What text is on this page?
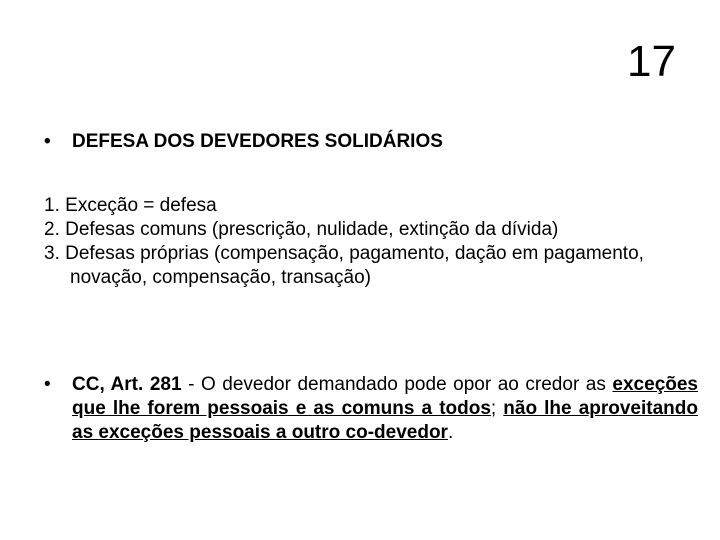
17
• DEFESA DOS DEVEDORES SOLIDÁRIOS
1. Exceção = defesa
2. Defesas comuns (prescrição, nulidade, extinção da dívida)
3. Defesas próprias (compensação, pagamento, dação em pagamento, novação, compensação, transação)
• CC, Art. 281 - O devedor demandado pode opor ao credor as exceções que lhe forem pessoais e as comuns a todos; não lhe aproveitando as exceções pessoais a outro co-devedor.
